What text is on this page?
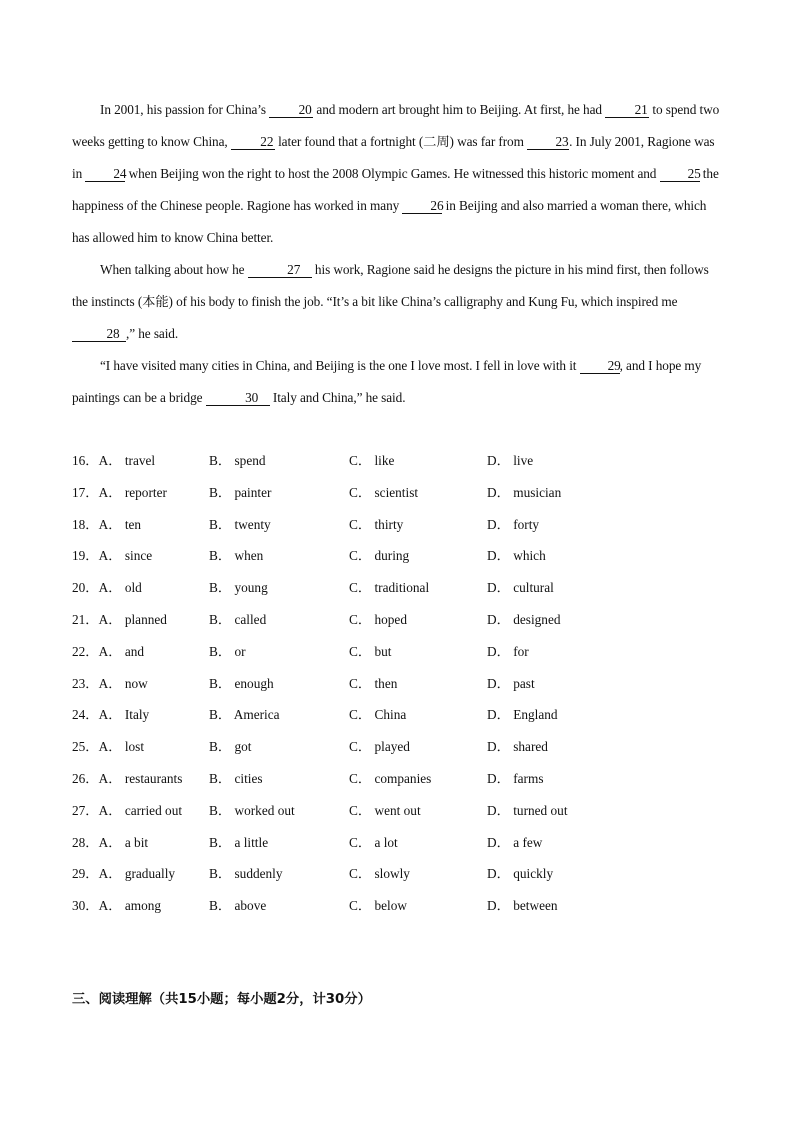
In 2001, his passion for China’s 20 and modern art brought him to Beijing. At first, he had 21 to spend two weeks getting to know China, 22 later found that a fortnight (二周) was far from 23. In July 2001, Ragione was in 24 when Beijing won the right to host the 2008 Olympic Games. He witnessed this historic moment and 25 the happiness of the Chinese people. Ragione has worked in many 26 in Beijing and also married a woman there, which has allowed him to know China better.

When talking about how he	27 his work, Ragione said he designs the picture in his mind first, then follows the instincts (本能) of his body to finish the job. “It’s a bit like China’s calligraphy and Kung Fu, which inspired me 28 ,” he said.

“I have visited many cities in China, and Beijing is the one I love most. I fell in love with it 29, and I hope my paintings can be a bridge	30 Italy and China,” he said.

16．A． travel	B． spend	C． like	D． live
17．A． reporter	B． painter	C． scientist	D． musician
18．A． ten	B． twenty	C． thirty	D． forty
19．A． since	B． when	C． during	D． which
20．A． old	B． young	C． traditional	D． cultural
21．A． planned	B． called	C． hoped	D． designed
22．A． and	B． or	C． but	D． for
23．A． now	B． enough	C． then	D． past
24．A． Italy	B． America	C． China	D． England
25．A． lost	B． got	C． played	D． shared
26．A． restaurants B． cities	C． companies	D． farms
27．A． carried out B． worked out	C． went out	D． turned out
28．A． a bit	B． a little	C． a lot	D． a few
29．A． gradually	B． suddenly	C． slowly	D． quickly
30．A． among	B． above	C． below	D． between
三、阅读理解（共15小题；每小题2分，计30分）
